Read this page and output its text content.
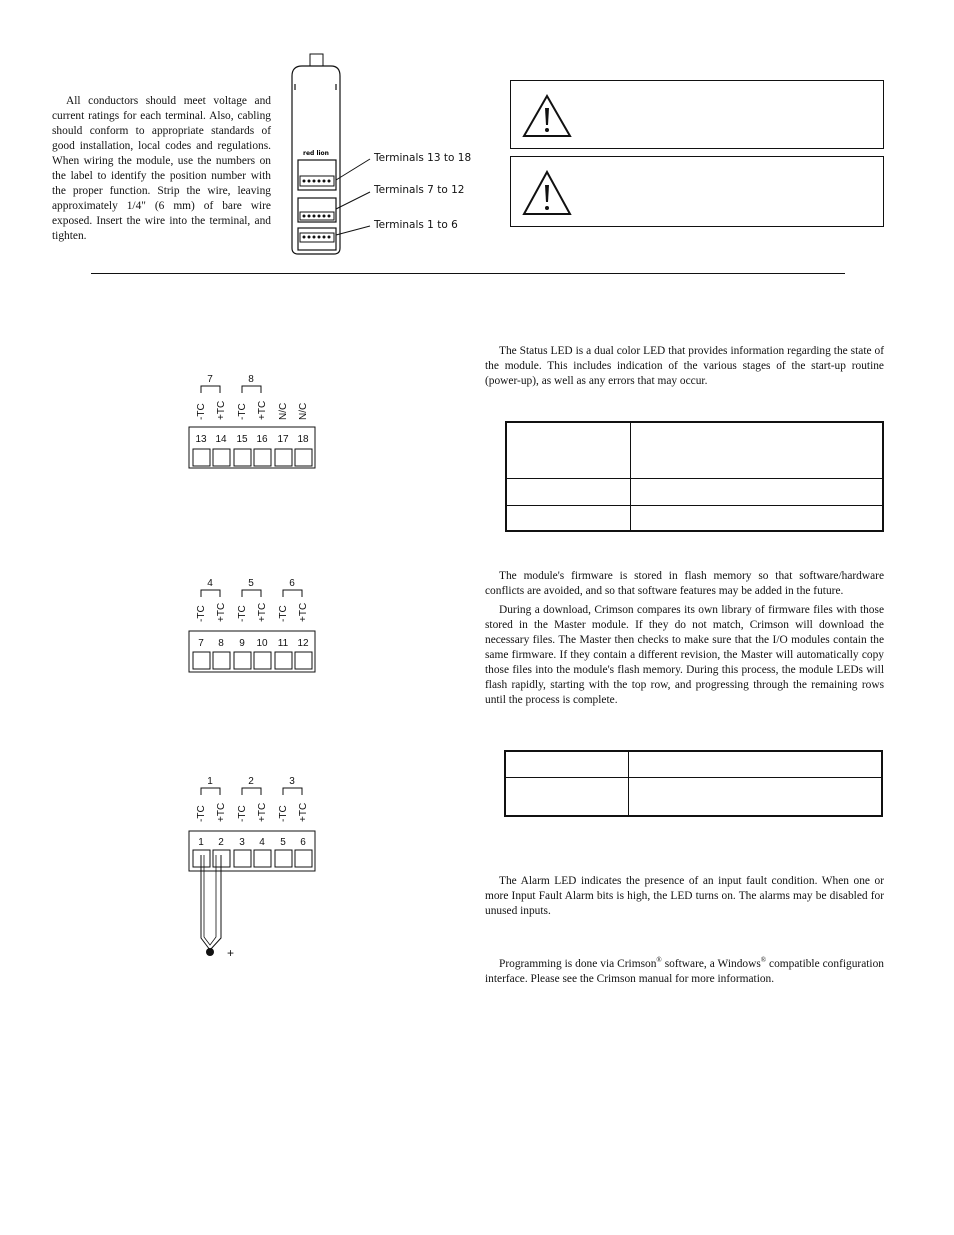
All conductors should meet voltage and current ratings for each terminal. Also, cabling should conform to appropriate standards of good installation, local codes and regulations. When wiring the module, use the numbers on the label to identify the position number with the proper function. Strip the wire, leaving approximately 1/4" (6 mm) of bare wire exposed. Insert the wire into the terminal, and tighten.

red lion	Terminals 13 to 18
Terminals 7 to 12
Terminals 1 to 6
7	8
-TC +TC -TC +TC N/C N/C
13 14 15 16 17 18
4	5	6
-TC +TC -TC +TC -TC +TC
7 8 9 10 11 12
1	2	3
-TC +TC -TC +TC -TC +TC
1 2 3 4 5 6
+

The Status LED is a dual color LED that provides information regarding the state of the module. This includes indication of the various stages of the start-up routine (power-up), as well as any errors that may occur.

The module's firmware is stored in flash memory so that software/hardware conflicts are avoided, and so that software features may be added in the future.

During a download, Crimson compares its own library of firmware files with those stored in the Master module. If they do not match, Crimson will download the necessary files. The Master then checks to make sure that the I/O modules contain the same firmware. If they contain a different revision, the Master will automatically copy those files into the module's flash memory. During this process, the module LEDs will flash rapidly, starting with the top row, and progressing through the remaining rows until the process is complete.

The Alarm LED indicates the presence of an input fault condition. When one or more Input Fault Alarm bits is high, the LED turns on. The alarms may be disabled for unused inputs.

Programming is done via Crimson® software, a Windows® compatible configuration interface. Please see the Crimson manual for more information.
